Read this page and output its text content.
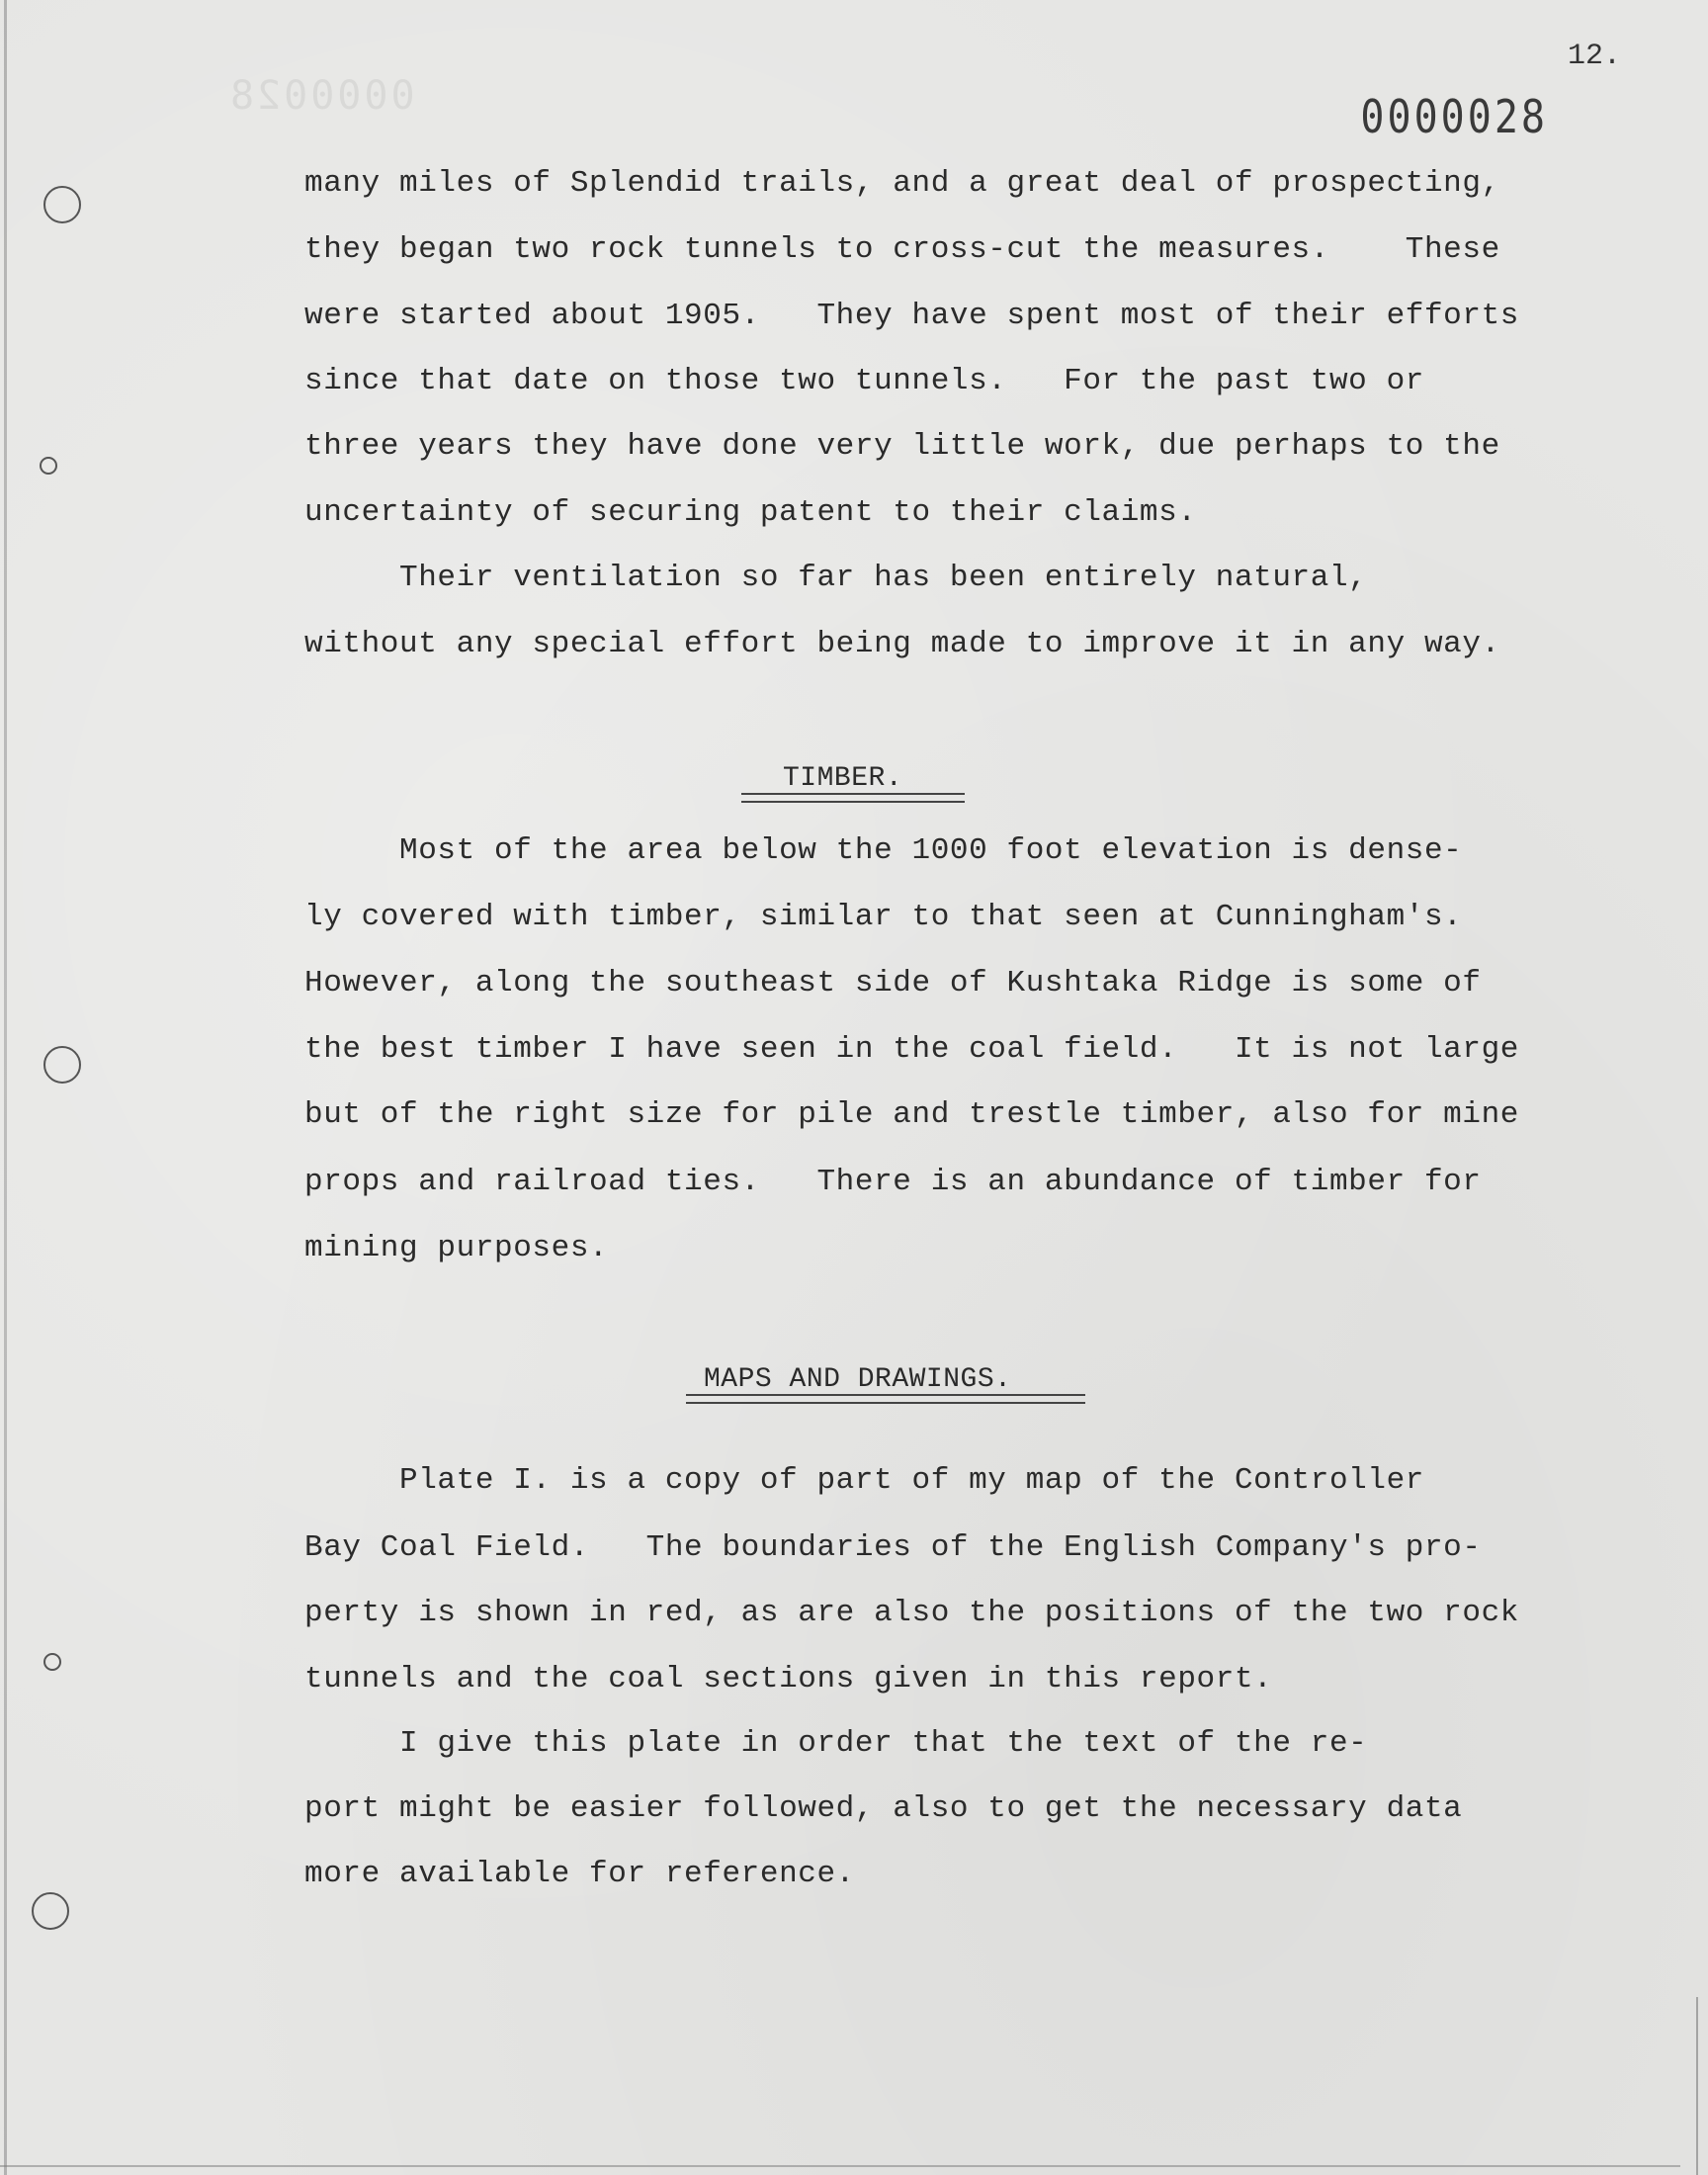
0000028
12.
0000028
many miles of Splendid trails, and a great deal of prospecting,
they began two rock tunnels to cross-cut the measures.    These
were started about 1905.   They have spent most of their efforts
since that date on those two tunnels.   For the past two or
three years they have done very little work, due perhaps to the
uncertainty of securing patent to their claims.
Their ventilation so far has been entirely natural,
without any special effort being made to improve it in any way.
TIMBER.
Most of the area below the 1000 foot elevation is dense-
ly covered with timber, similar to that seen at Cunningham's.
However, along the southeast side of Kushtaka Ridge is some of
the best timber I have seen in the coal field.   It is not large
but of the right size for pile and trestle timber, also for mine
props and railroad ties.   There is an abundance of timber for
mining purposes.
MAPS AND DRAWINGS.
Plate I. is a copy of part of my map of the Controller
Bay Coal Field.   The boundaries of the English Company's pro-
perty is shown in red, as are also the positions of the two rock
tunnels and the coal sections given in this report.
I give this plate in order that the text of the re-
port might be easier followed, also to get the necessary data
more available for reference.
